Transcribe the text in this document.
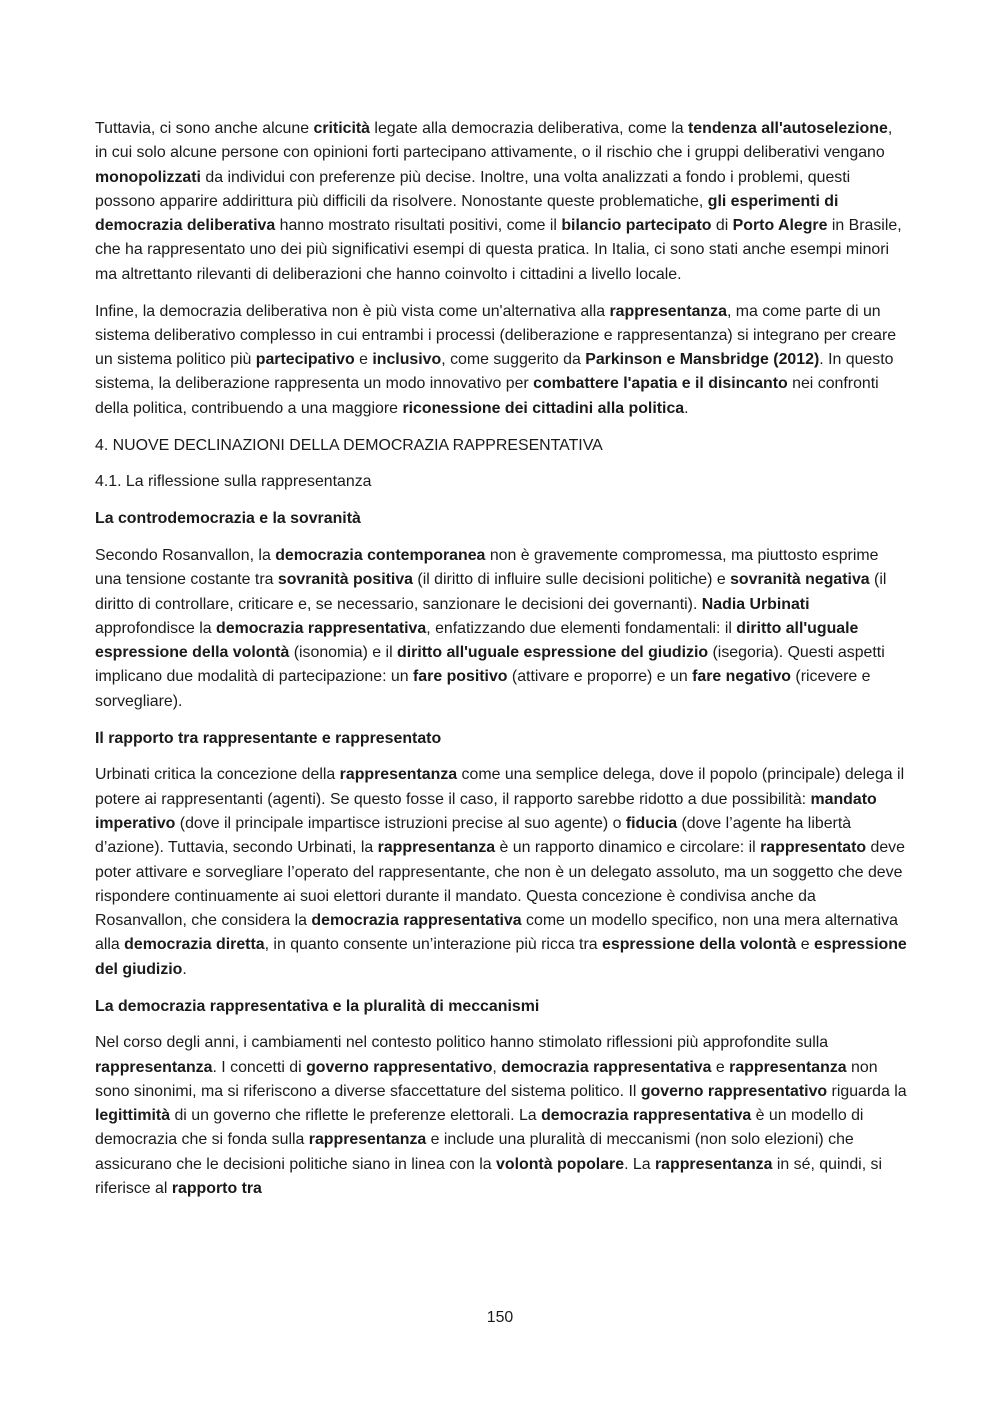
Tuttavia, ci sono anche alcune criticità legate alla democrazia deliberativa, come la tendenza all'autoselezione, in cui solo alcune persone con opinioni forti partecipano attivamente, o il rischio che i gruppi deliberativi vengano monopolizzati da individui con preferenze più decise. Inoltre, una volta analizzati a fondo i problemi, questi possono apparire addirittura più difficili da risolvere. Nonostante queste problematiche, gli esperimenti di democrazia deliberativa hanno mostrato risultati positivi, come il bilancio partecipato di Porto Alegre in Brasile, che ha rappresentato uno dei più significativi esempi di questa pratica. In Italia, ci sono stati anche esempi minori ma altrettanto rilevanti di deliberazioni che hanno coinvolto i cittadini a livello locale.

Infine, la democrazia deliberativa non è più vista come un'alternativa alla rappresentanza, ma come parte di un sistema deliberativo complesso in cui entrambi i processi (deliberazione e rappresentanza) si integrano per creare un sistema politico più partecipativo e inclusivo, come suggerito da Parkinson e Mansbridge (2012). In questo sistema, la deliberazione rappresenta un modo innovativo per combattere l'apatia e il disincanto nei confronti della politica, contribuendo a una maggiore riconessione dei cittadini alla politica.

4. NUOVE DECLINAZIONI DELLA DEMOCRAZIA RAPPRESENTATIVA

4.1. La riflessione sulla rappresentanza

La controdemocrazia e la sovranità

Secondo Rosanvallon, la democrazia contemporanea non è gravemente compromessa, ma piuttosto esprime una tensione costante tra sovranità positiva (il diritto di influire sulle decisioni politiche) e sovranità negativa (il diritto di controllare, criticare e, se necessario, sanzionare le decisioni dei governanti). Nadia Urbinati approfondisce la democrazia rappresentativa, enfatizzando due elementi fondamentali: il diritto all'uguale espressione della volontà (isonomia) e il diritto all'uguale espressione del giudizio (isegoria). Questi aspetti implicano due modalità di partecipazione: un fare positivo (attivare e proporre) e un fare negativo (ricevere e sorvegliare).

Il rapporto tra rappresentante e rappresentato

Urbinati critica la concezione della rappresentanza come una semplice delega, dove il popolo (principale) delega il potere ai rappresentanti (agenti). Se questo fosse il caso, il rapporto sarebbe ridotto a due possibilità: mandato imperativo (dove il principale impartisce istruzioni precise al suo agente) o fiducia (dove l’agente ha libertà d’azione). Tuttavia, secondo Urbinati, la rappresentanza è un rapporto dinamico e circolare: il rappresentato deve poter attivare e sorvegliare l’operato del rappresentante, che non è un delegato assoluto, ma un soggetto che deve rispondere continuamente ai suoi elettori durante il mandato. Questa concezione è condivisa anche da Rosanvallon, che considera la democrazia rappresentativa come un modello specifico, non una mera alternativa alla democrazia diretta, in quanto consente un’interazione più ricca tra espressione della volontà e espressione del giudizio.

La democrazia rappresentativa e la pluralità di meccanismi

Nel corso degli anni, i cambiamenti nel contesto politico hanno stimolato riflessioni più approfondite sulla rappresentanza. I concetti di governo rappresentativo, democrazia rappresentativa e rappresentanza non sono sinonimi, ma si riferiscono a diverse sfaccettature del sistema politico. Il governo rappresentativo riguarda la legittimità di un governo che riflette le preferenze elettorali. La democrazia rappresentativa è un modello di democrazia che si fonda sulla rappresentanza e include una pluralità di meccanismi (non solo elezioni) che assicurano che le decisioni politiche siano in linea con la volontà popolare. La rappresentanza in sé, quindi, si riferisce al rapporto tra

150
